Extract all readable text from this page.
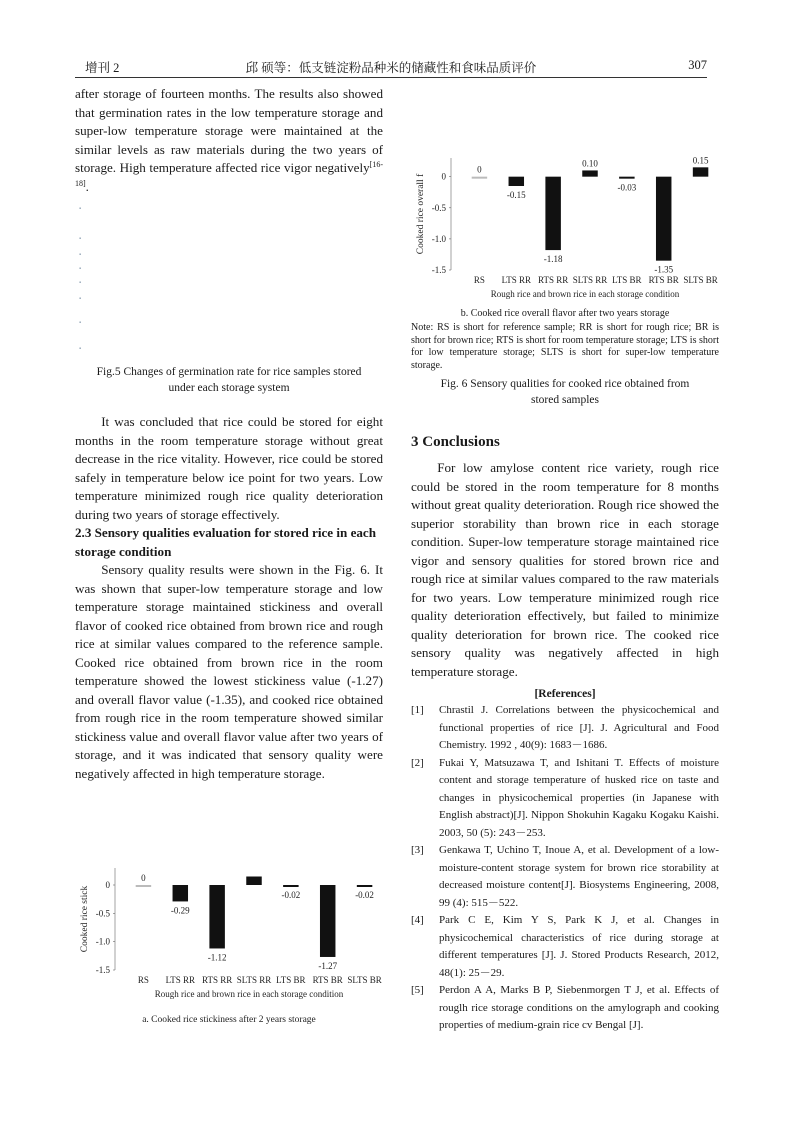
增刊 2	邱 硕等：低支链淀粉品种米的储藏性和食味品质评价	307

after storage of fourteen months. The results also showed that germination rates in the low temperature storage and super-low temperature storage were maintained at the similar levels as raw materials during the two years of storage. High temperature affected rice vigor negatively[16-18].

▪
▪
▪
▪
▪
▪
▪
▪
Fig.5 Changes of germination rate for rice samples stored
under each storage system

It was concluded that rice could be stored for eight months in the room temperature storage without great decrease in the rice vitality. However, rice could be stored safely in temperature below ice point for two years. Low temperature minimized rough rice quality deterioration during two years of storage effectively.

2.3 Sensory qualities evaluation for stored rice in each storage condition

Sensory quality results were shown in the Fig. 6. It was shown that super-low temperature storage and low temperature storage maintained stickiness and overall flavor of cooked rice obtained from brown rice and rough rice at similar values compared to the reference sample. Cooked rice obtained from brown rice in the room temperature showed the lowest stickiness value (-1.27) and overall flavor value (-1.35), and cooked rice obtained from rough rice in the room temperature showed similar stickiness value and overall flavor value after two years of storage, and it was indicated that sensory quality were negatively affected in high temperature storage.

Cooked rice stick
0
-0.5
-1.0
-1.5
0
RS
-0.29
LTS RR
-1.12
RTS RR SLTS RR
-0.02
LTS BR
-1.27
RTS BR
-0.02
SLTS BR
Rough rice and brown rice in each storage condition
a. Cooked rice stickiness after 2 years storage
Cooked rice overall f 0
-0.5
-1.0
-1.5
0
RS
-0.15
LTS RR
-1.18
RTS RR
0.10
SLTS RR
-0.03
LTS BR
-1.35
RTS BR
0.15
SLTS BR
Rough rice and brown rice in each storage condition

Note: RS is short for reference sample; RR is short for rough rice; BR is short for brown rice; RTS is short for room temperature storage; LTS is short for low temperature storage; SLTS is short for super-low temperature storage.

Fig. 6 Sensory qualities for cooked rice obtained from
stored samples

3 Conclusions

For low amylose content rice variety, rough rice could be stored in the room temperature for 8 months without great quality deterioration. Rough rice showed the superior storability than brown rice in each storage condition. Super-low temperature storage maintained rice vigor and sensory qualities for stored brown rice and rough rice at similar values compared to the raw materials for two years. Low temperature minimized rough rice quality deterioration effectively, but failed to minimize quality deterioration for brown rice. The cooked rice sensory quality was negatively affected in high temperature storage.

[References]

[1]	Chrastil J. Correlations between the physicochemical and functional properties of rice [J]. J. Agricultural and Food Chemistry. 1992 , 40(9): 1683－1686.
[2]	Fukai Y, Matsuzawa T, and Ishitani T. Effects of moisture content and storage temperature of husked rice on taste and changes in physicochemical properties (in Japanese with English abstract)[J]. Nippon Shokuhin Kagaku Kogaku Kaishi. 2003, 50 (5): 243－253.
[3]	Genkawa T, Uchino T, Inoue A, et al. Development of a low-moisture-content storage system for brown rice storability at decreased moisture content[J]. Biosystems Engineering, 2008, 99 (4): 515－522.
[4]	Park C E, Kim Y S, Park K J, et al. Changes in physicochemical characteristics of rice during storage at different temperatures [J]. J. Stored Products Research, 2012, 48(1): 25－29.
[5]	Perdon A A, Marks B P, Siebenmorgen T J, et al. Effects of rouglh rice storage conditions on the amylograph and cooking properties of medium-grain rice cv Bengal [J].
b. Cooked rice overall flavor after two years storage
